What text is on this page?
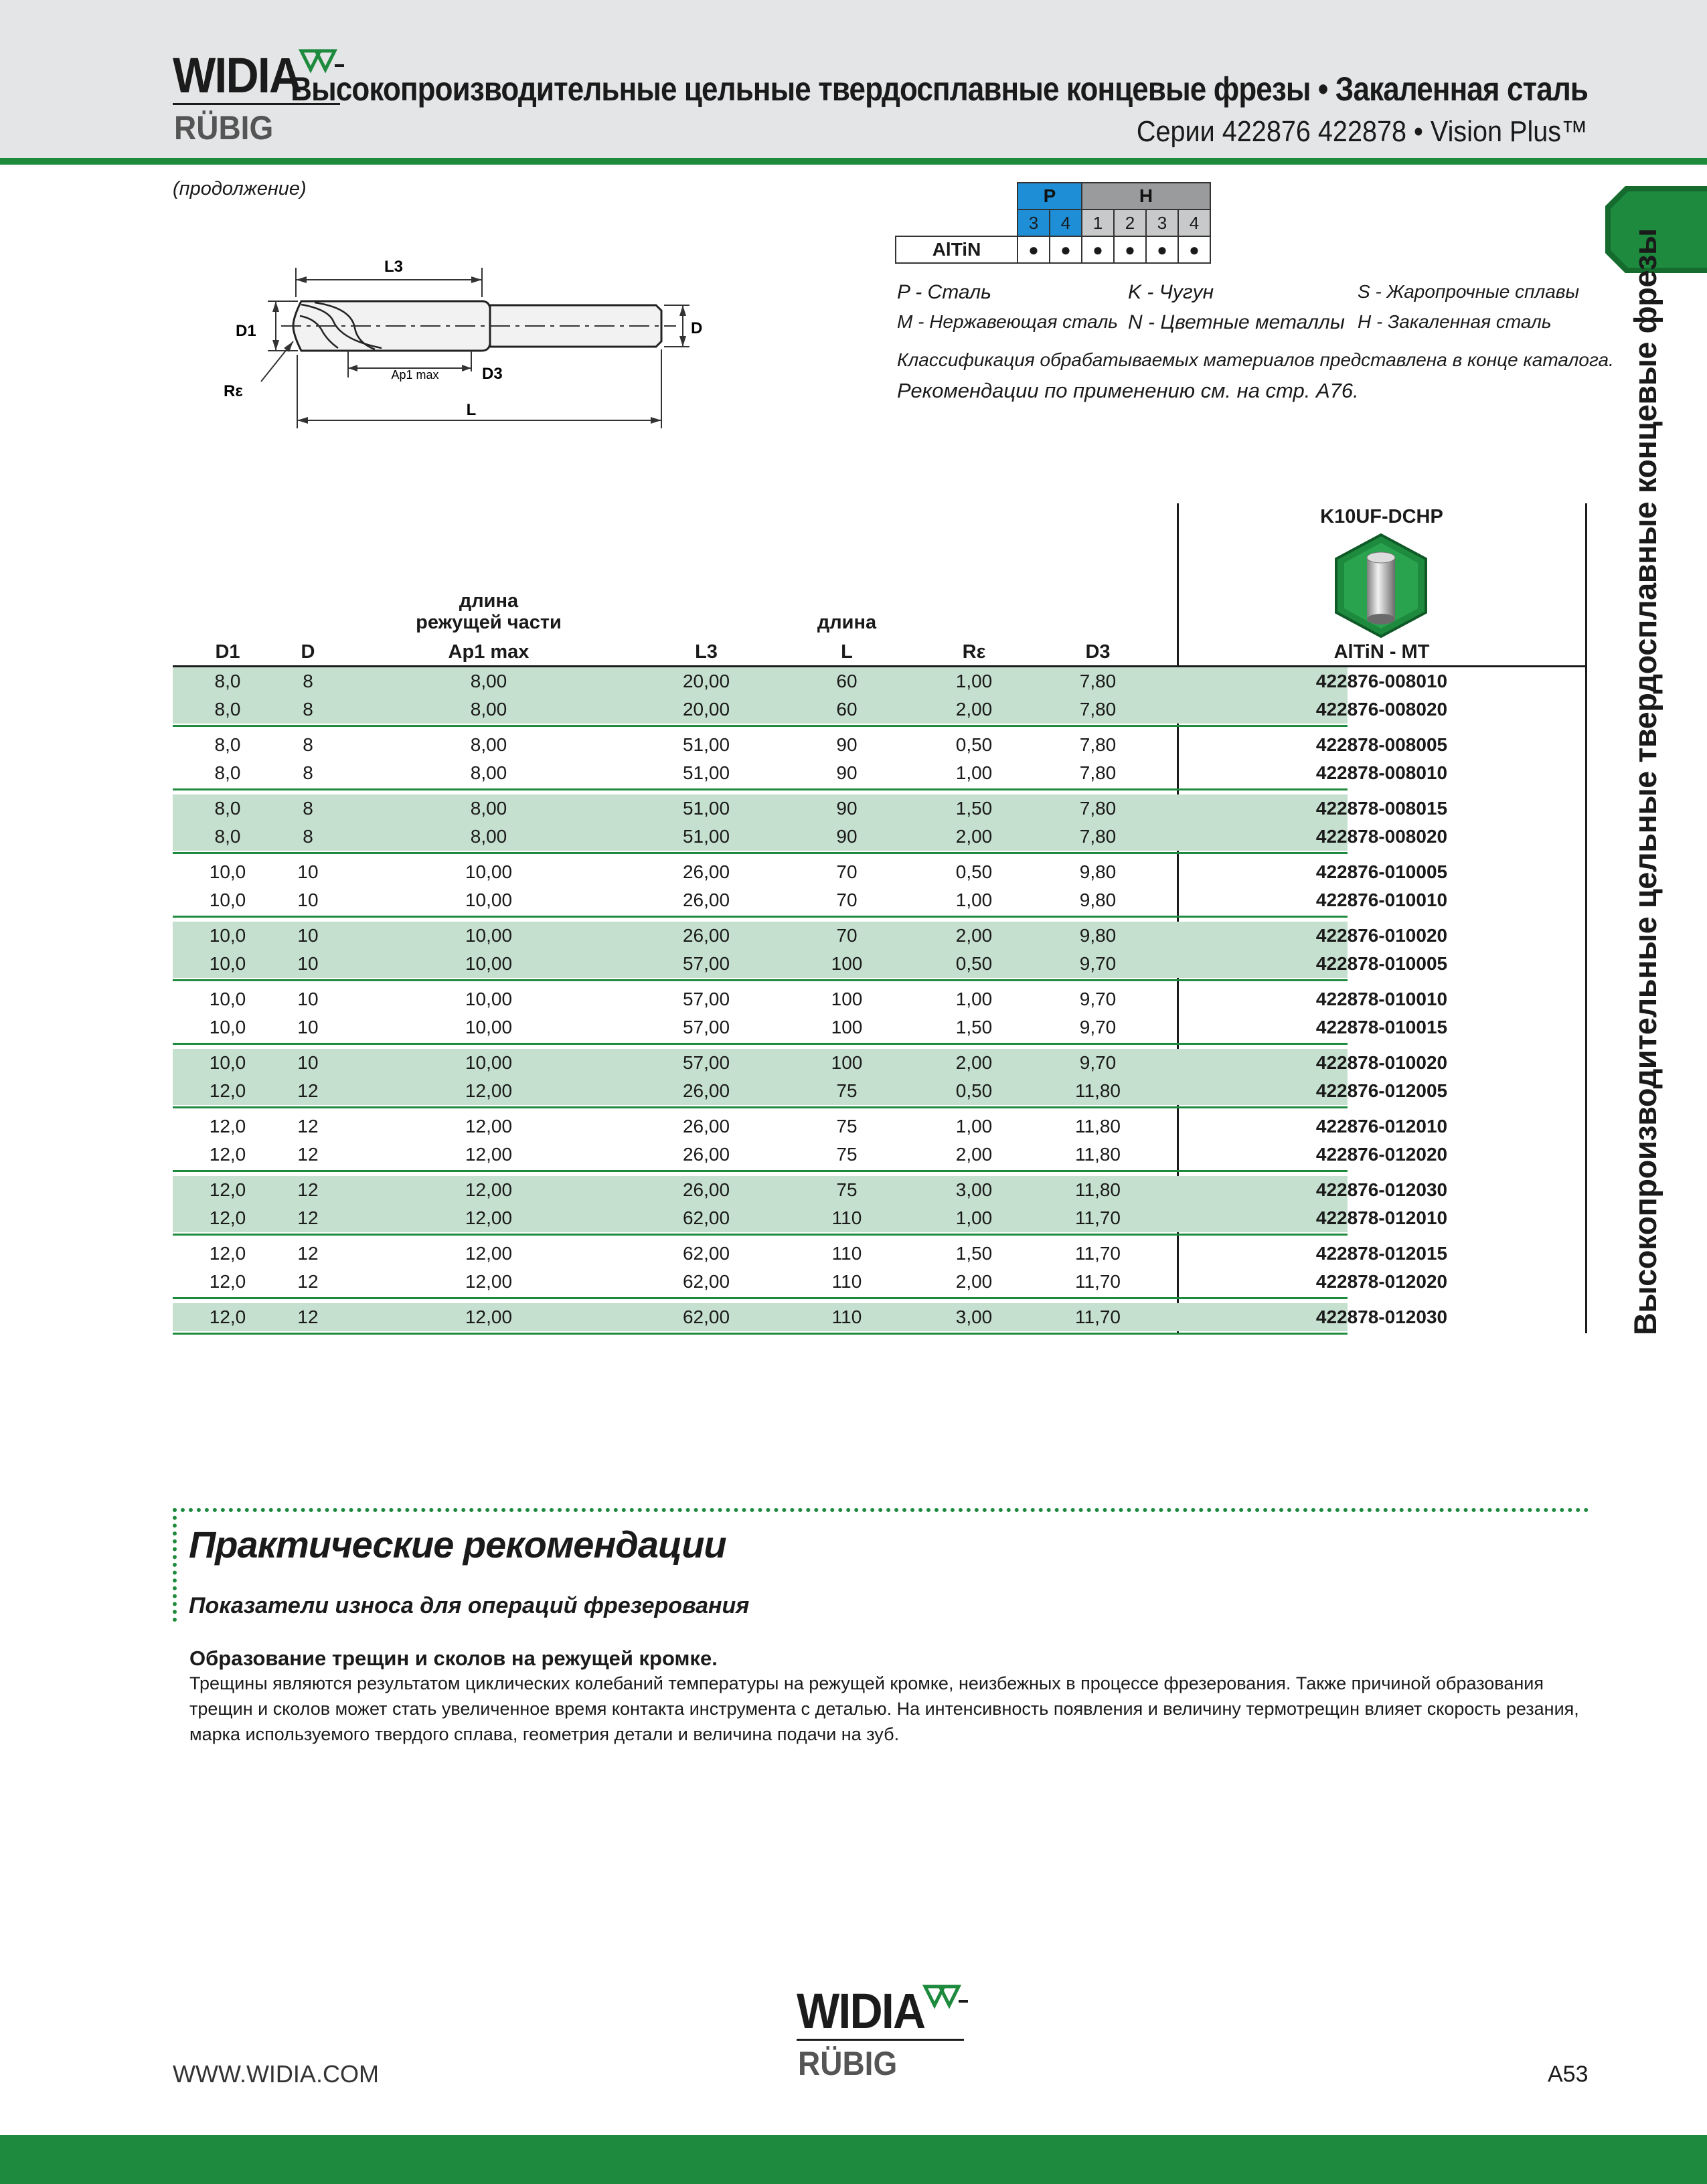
WIDIA
RÜBIG
Высокопроизводительные цельные твердосплавные концевые фрезы • Закаленная сталь
Серии 422876 422878 • Vision Plus™
Высокопроизводительные цельные твердосплавные концевые фрезы
(продолжение)
L3
D1	D
Ap1 max	D3
Rε
L
	P		H			
	3	4	1	2	3	4
AlTiN	●	●	●	●	●	●
P - Сталь	K - Чугун	S - Жаропрочные сплавы
M - Нержавеющая сталь N - Цветные металлы H - Закаленная сталь
Классификация обрабатываемых материалов представлена в конце каталога.
Рекомендации по применению см. на стр. A76.
K10UF-DCHP
длина
режущей части	длина
D1	D	Ap1 max	L3	L	Rε	D3	AlTiN - MT
8,0	8	8,00	20,00	60	1,00	7,80	422876-008010
8,0	8	8,00	20,00	60	2,00	7,80	422876-008020
8,0	8	8,00	51,00	90	0,50	7,80	422878-008005
8,0	8	8,00	51,00	90	1,00	7,80	422878-008010
8,0	8	8,00	51,00	90	1,50	7,80	422878-008015
8,0	8	8,00	51,00	90	2,00	7,80	422878-008020
10,0	10	10,00	26,00	70	0,50	9,80	422876-010005
10,0	10	10,00	26,00	70	1,00	9,80	422876-010010
10,0	10	10,00	26,00	70	2,00	9,80	422876-010020
10,0	10	10,00	57,00	100	0,50	9,70	422878-010005
10,0	10	10,00	57,00	100	1,00	9,70	422878-010010
10,0	10	10,00	57,00	100	1,50	9,70	422878-010015
10,0	10	10,00	57,00	100	2,00	9,70	422878-010020
12,0	12	12,00	26,00	75	0,50	11,80	422876-012005
12,0	12	12,00	26,00	75	1,00	11,80	422876-012010
12,0	12	12,00	26,00	75	2,00	11,80	422876-012020
12,0	12	12,00	26,00	75	3,00	11,80	422876-012030
12,0	12	12,00	62,00	110	1,00	11,70	422878-012010
12,0	12	12,00	62,00	110	1,50	11,70	422878-012015
12,0	12	12,00	62,00	110	2,00	11,70	422878-012020
12,0	12	12,00	62,00	110	3,00	11,70	422878-012030
Практические рекомендации
Показатели износа для операций фрезерования
Образование трещин и сколов на режущей кромке.
Трещины являются результатом циклических колебаний температуры на режущей кромке, неизбежных в процессе фрезерования. Также причиной образования
трещин и сколов может стать увеличенное время контакта инструмента с деталью. На интенсивность появления и величину термотрещин влияет скорость резания,
марка используемого твердого сплава, геометрия детали и величина подачи на зуб.
WIDIA
RÜBIG
WWW.WIDIA.COM	A53
